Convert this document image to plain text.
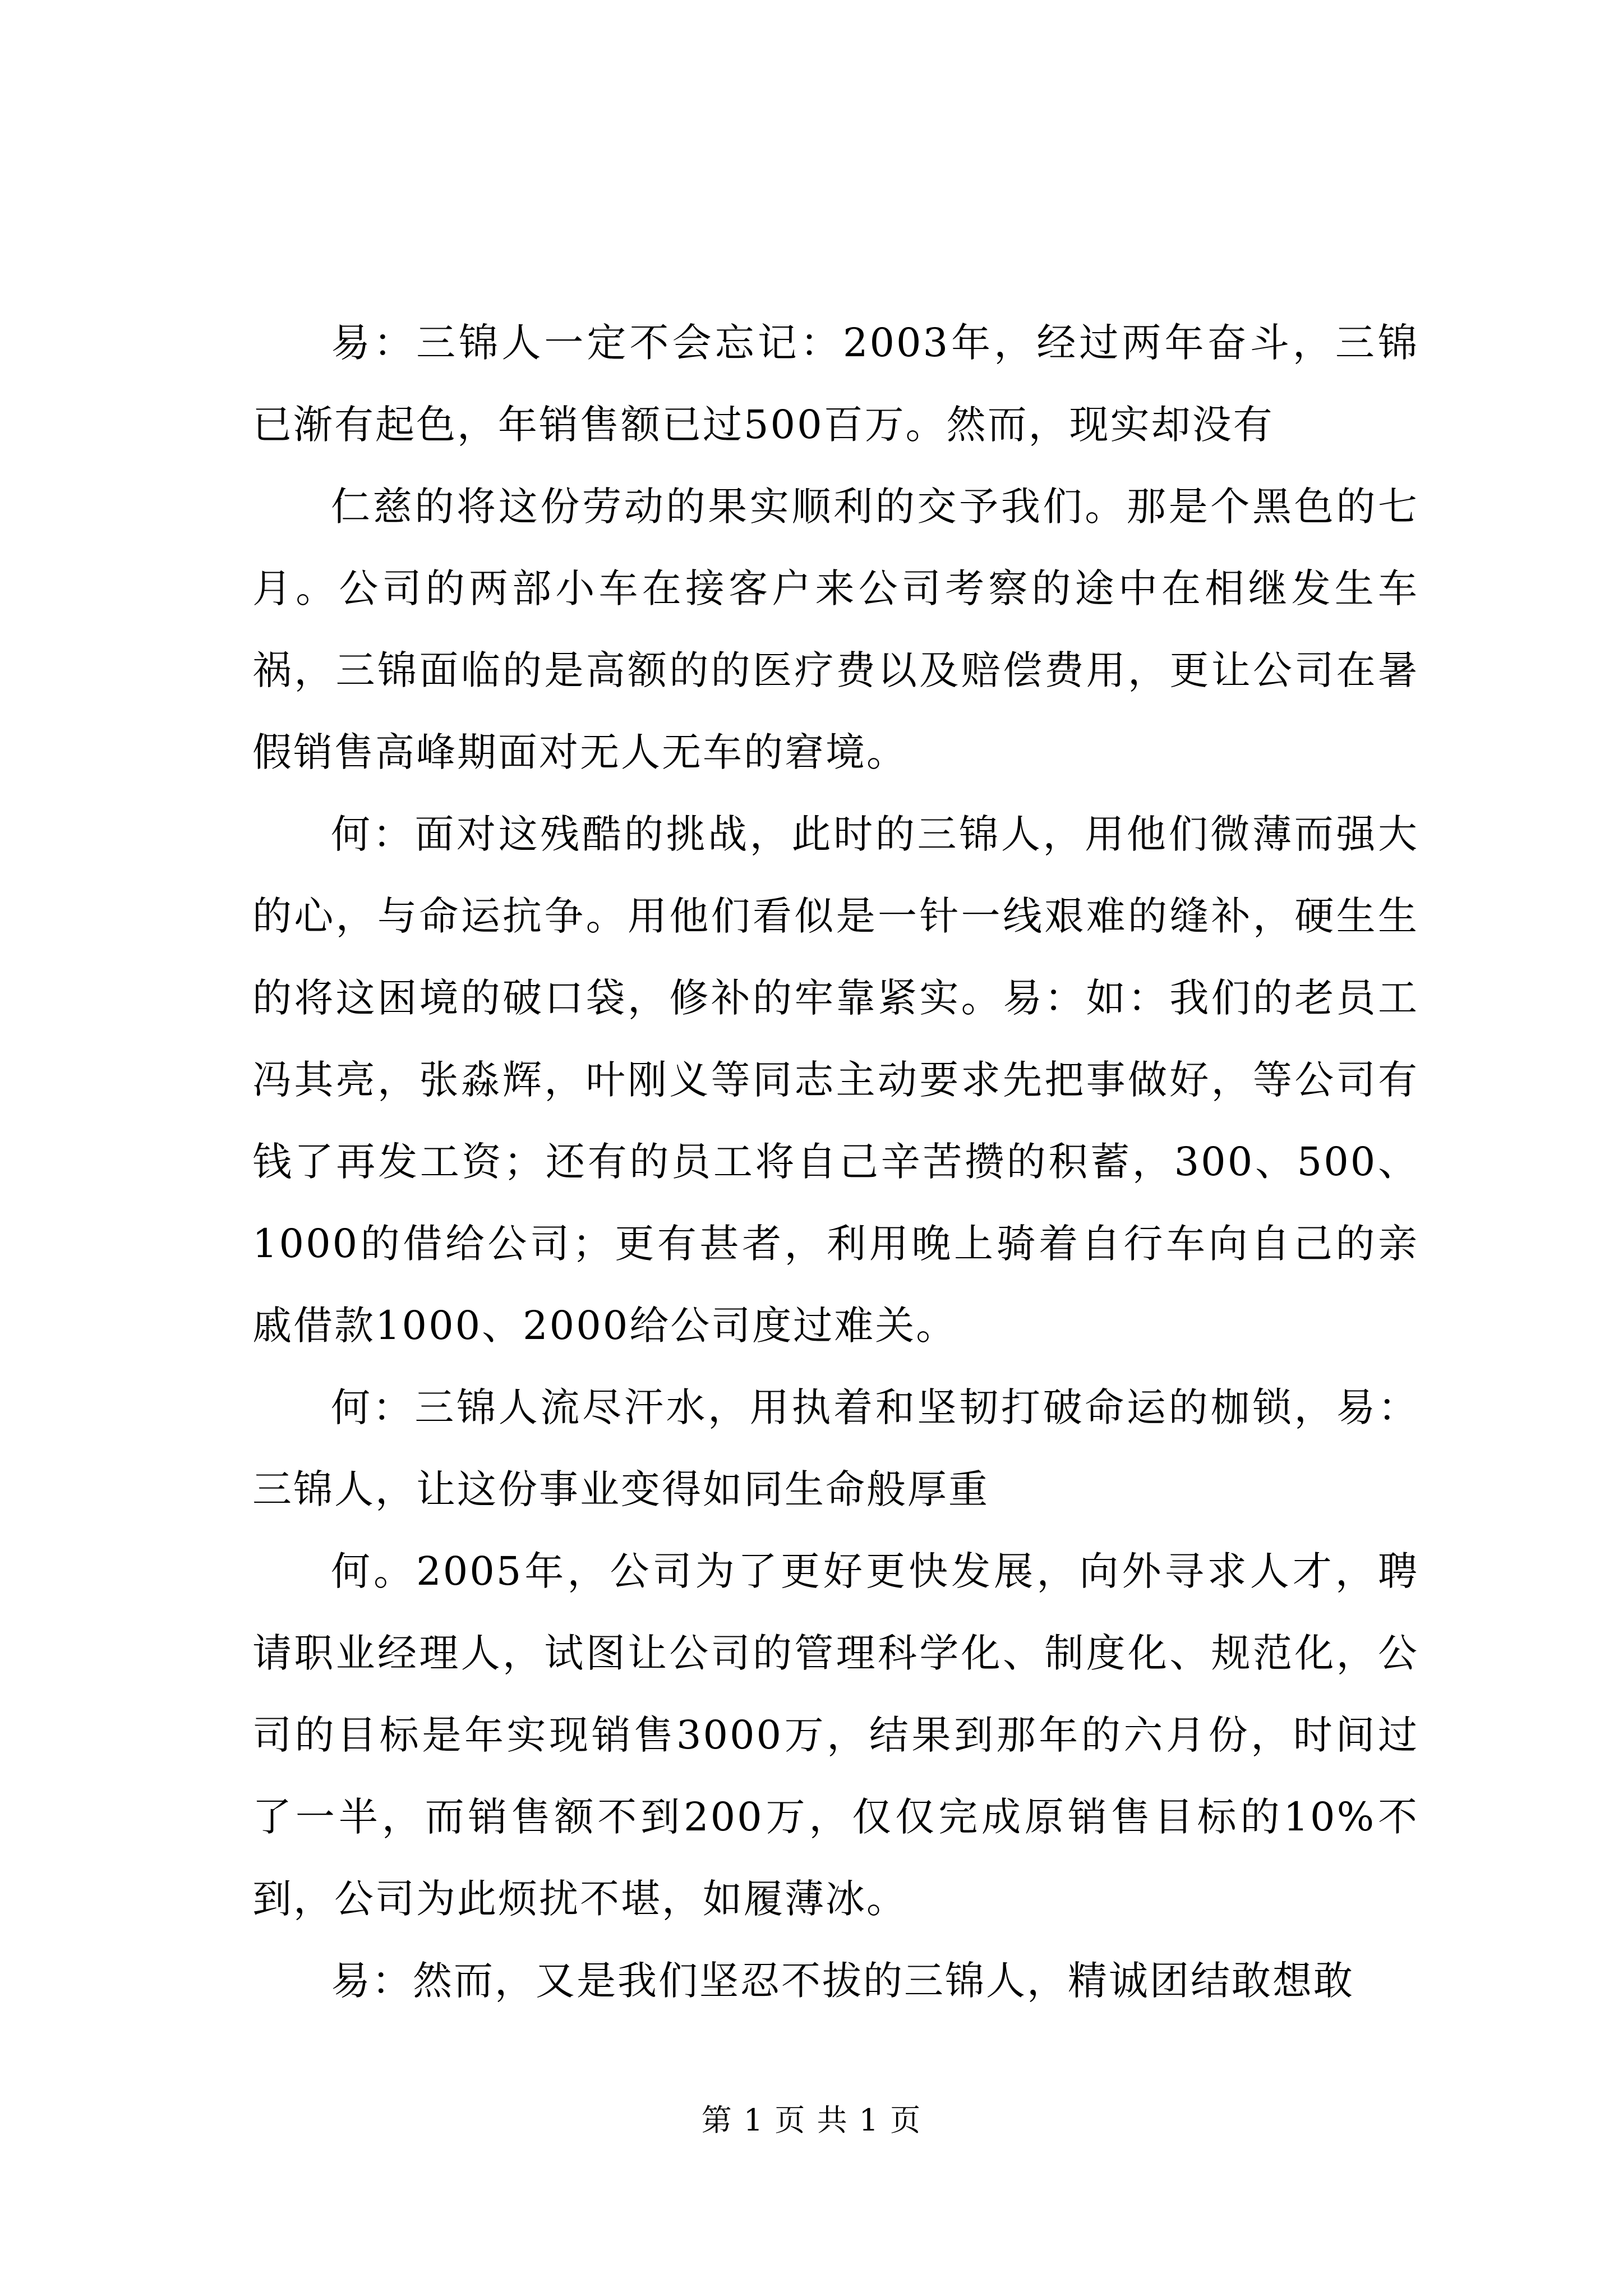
易：三锦人一定不会忘记：2003年，经过两年奋斗，三锦已渐有起色，年销售额已过500百万。然而，现实却没有

仁慈的将这份劳动的果实顺利的交予我们。那是个黑色的七月。公司的两部小车在接客户来公司考察的途中在相继发生车祸，三锦面临的是高额的的医疗费以及赔偿费用，更让公司在暑假销售高峰期面对无人无车的窘境。

何：面对这残酷的挑战，此时的三锦人，用他们微薄而强大的心，与命运抗争。用他们看似是一针一线艰难的缝补，硬生生的将这困境的破口袋，修补的牢靠紧实。易：如：我们的老员工冯其亮，张淼辉，叶刚义等同志主动要求先把事做好，等公司有钱了再发工资；还有的员工将自己辛苦攒的积蓄，300、500、1000的借给公司；更有甚者，利用晚上骑着自行车向自己的亲戚借款1000、2000给公司度过难关。

何：三锦人流尽汗水，用执着和坚韧打破命运的枷锁，易：三锦人，让这份事业变得如同生命般厚重

何。2005年，公司为了更好更快发展，向外寻求人才，聘请职业经理人，试图让公司的管理科学化、制度化、规范化，公司的目标是年实现销售3000万，结果到那年的六月份，时间过了一半，而销售额不到200万，仅仅完成原销售目标的10%不到，公司为此烦扰不堪，如履薄冰。

易：然而，又是我们坚忍不拔的三锦人，精诚团结敢想敢

第 1 页 共 1 页
